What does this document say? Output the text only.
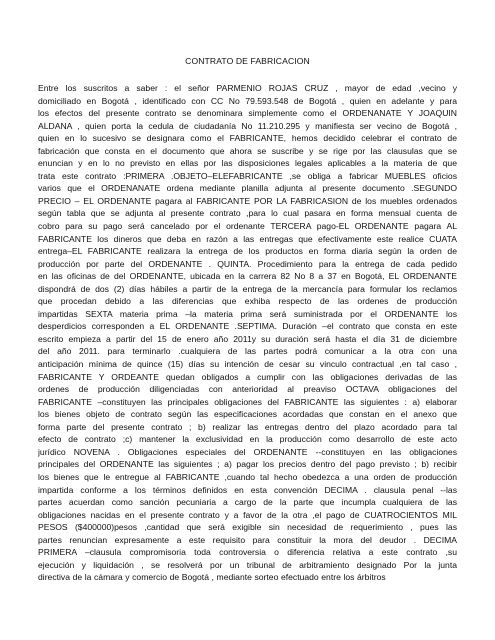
CONTRATO DE FABRICACION
Entre los suscritos a saber : el señor PARMENIO ROJAS CRUZ , mayor de edad ,vecino y
domiciliado en Bogotá , identificado con CC No 79.593.548 de Bogotá , quien en adelante y para
los efectos del presente contrato se denominara simplemente como el ORDENANATE Y JOAQUIN
ALDANA , quien porta la cedula de ciudadanía No 11.210.295 y manifiesta ser vecino de Bogotá ,
quien en lo sucesivo se designara como el FABRICANTE, hemos decidido celebrar el contrato de
fabricación que consta en el documento que ahora se suscribe y se rige por las clausulas que se
enuncian y en lo no previsto en ellas por las disposiciones legales aplicables a la materia de que
trata este contrato :PRIMERA .OBJETO–ELEFABRICANTE ,se obliga a fabricar MUEBLES oficios
varios que el ORDENANATE ordena mediante planilla adjunta al presente documento .SEGUNDO
PRECIO – EL ORDENANTE pagara al FABRICANTE POR LA FABRICASION de los muebles ordenados
según tabla que se adjunta al presente contrato ,para lo cual pasara en forma mensual cuenta de
cobro para su pago será cancelado por el ordenante TERCERA pago-EL ORDENANTE pagara AL
FABRICANTE los dineros que deba en razón a las entregas que efectivamente este realice CUATA
entrega–EL FABRICANTE realizara la entrega de los productos en forma diaria según la orden de
producción por parte del ORDENANTE . QUINTA. Procedimiento para la entrega de cada pedido
en las oficinas de del ORDENANTE, ubicada en la carrera 82 No 8 a 37 en Bogotá, EL ORDENANTE
dispondrá de dos (2) días hábiles a partir de la entrega de la mercancía para formular los reclamos
que procedan debido a las diferencias que exhiba respecto de las ordenes de producción
impartidas SEXTA materia prima –la materia prima será suministrada por el ORDENANTE los
desperdicios corresponden a EL ORDENANTE .SEPTIMA. Duración –el contrato que consta en este
escrito empieza a partir del 15 de enero año 2011y su duración será hasta el día 31 de diciembre
del año 2011. para terminarlo .cualquiera de las partes podrá comunicar a la otra con una
anticipación mínima de quince (15) días su intención de cesar su vinculo contractual ,en tal caso ,
FABRICANTE Y ORDEANTE quedan obligados a cumplir con las obligaciones derivadas de las
ordenes de producción diligenciadas con anterioridad al preaviso OCTAVA obligaciones del
FABRICANTE –constituyen las principales obligaciones del FABRICANTE las siguientes : a) elaborar
los bienes objeto de contrato según las especificaciones acordadas que constan en el anexo que
forma parte del presente contrato ; b) realizar las entregas dentro del plazo acordado para tal
efecto de contrato ;c) mantener la exclusividad en la producción como desarrollo de este acto
jurídico NOVENA . Obligaciones especiales del ORDENANTE --constituyen en las obligaciones
principales del ORDENANTE las siguientes ; a) pagar los precios dentro del pago previsto ; b) recibir
los bienes que le entregue al FABRICANTE ,cuando tal hecho obedezca a una orden de producción
impartida conforme a los términos definidos en esta convención DECIMA . clausula penal --las
partes acuerdan como sanción pecuniaria a cargo de la parte que incumpla cualquiera de las
obligaciones nacidas en el presente contrato y a favor de la otra ,el pago de CUATROCIENTOS MIL
PESOS ($400000)pesos ,cantidad que será exigible sin necesidad de requerimiento , pues las
partes renuncian expresamente a este requisito para constituir la mora del deudor . DECIMA
PRIMERA –clausula compromisoria toda controversia o diferencia relativa a este contrato ,su
ejecución y liquidación , se resolverá por un tribunal de arbitramiento designado Por la junta
directiva de la cámara y comercio de Bogotá , mediante sorteo efectuado entre los árbitros
